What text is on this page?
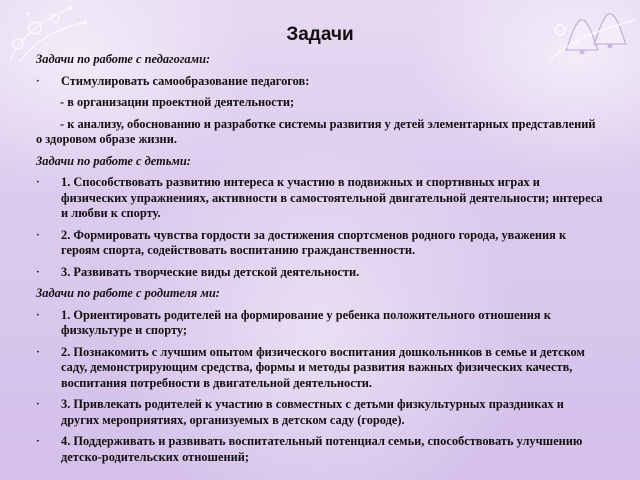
Задачи
Задачи по работе с педагогами:
· Стимулировать самообразование педагогов:
- в организации проектной деятельности;
- к анализу, обоснованию и разработке системы развития у детей элементарных представлений о здоровом образе жизни.
Задачи по работе с детьми:
· 1. Способствовать развитию интереса к участию в подвижных и спортивных играх и физических упражнениях, активности в самостоятельной двигательной деятельности; интереса и любви к спорту.
· 2. Формировать чувства гордости за достижения спортсменов родного города, уважения к героям спорта, содействовать воспитанию гражданственности.
· 3. Развивать творческие виды детской деятельности.
Задачи по работе с родителя ми:
· 1. Ориентировать родителей на формирование у ребенка положительного отношения к физкультуре и спорту;
· 2. Познакомить с лучшим опытом физического воспитания дошкольников в семье и детском саду, демонстрирующим средства, формы и методы развития важных физических качеств, воспитания потребности в двигательной деятельности.
· 3. Привлекать родителей к участию в совместных с детьми физкультурных праздниках и других мероприятиях, организуемых в детском саду (городе).
· 4. Поддерживать и развивать воспитательный потенциал семьи, способствовать улучшению детско-родительских отношений;
